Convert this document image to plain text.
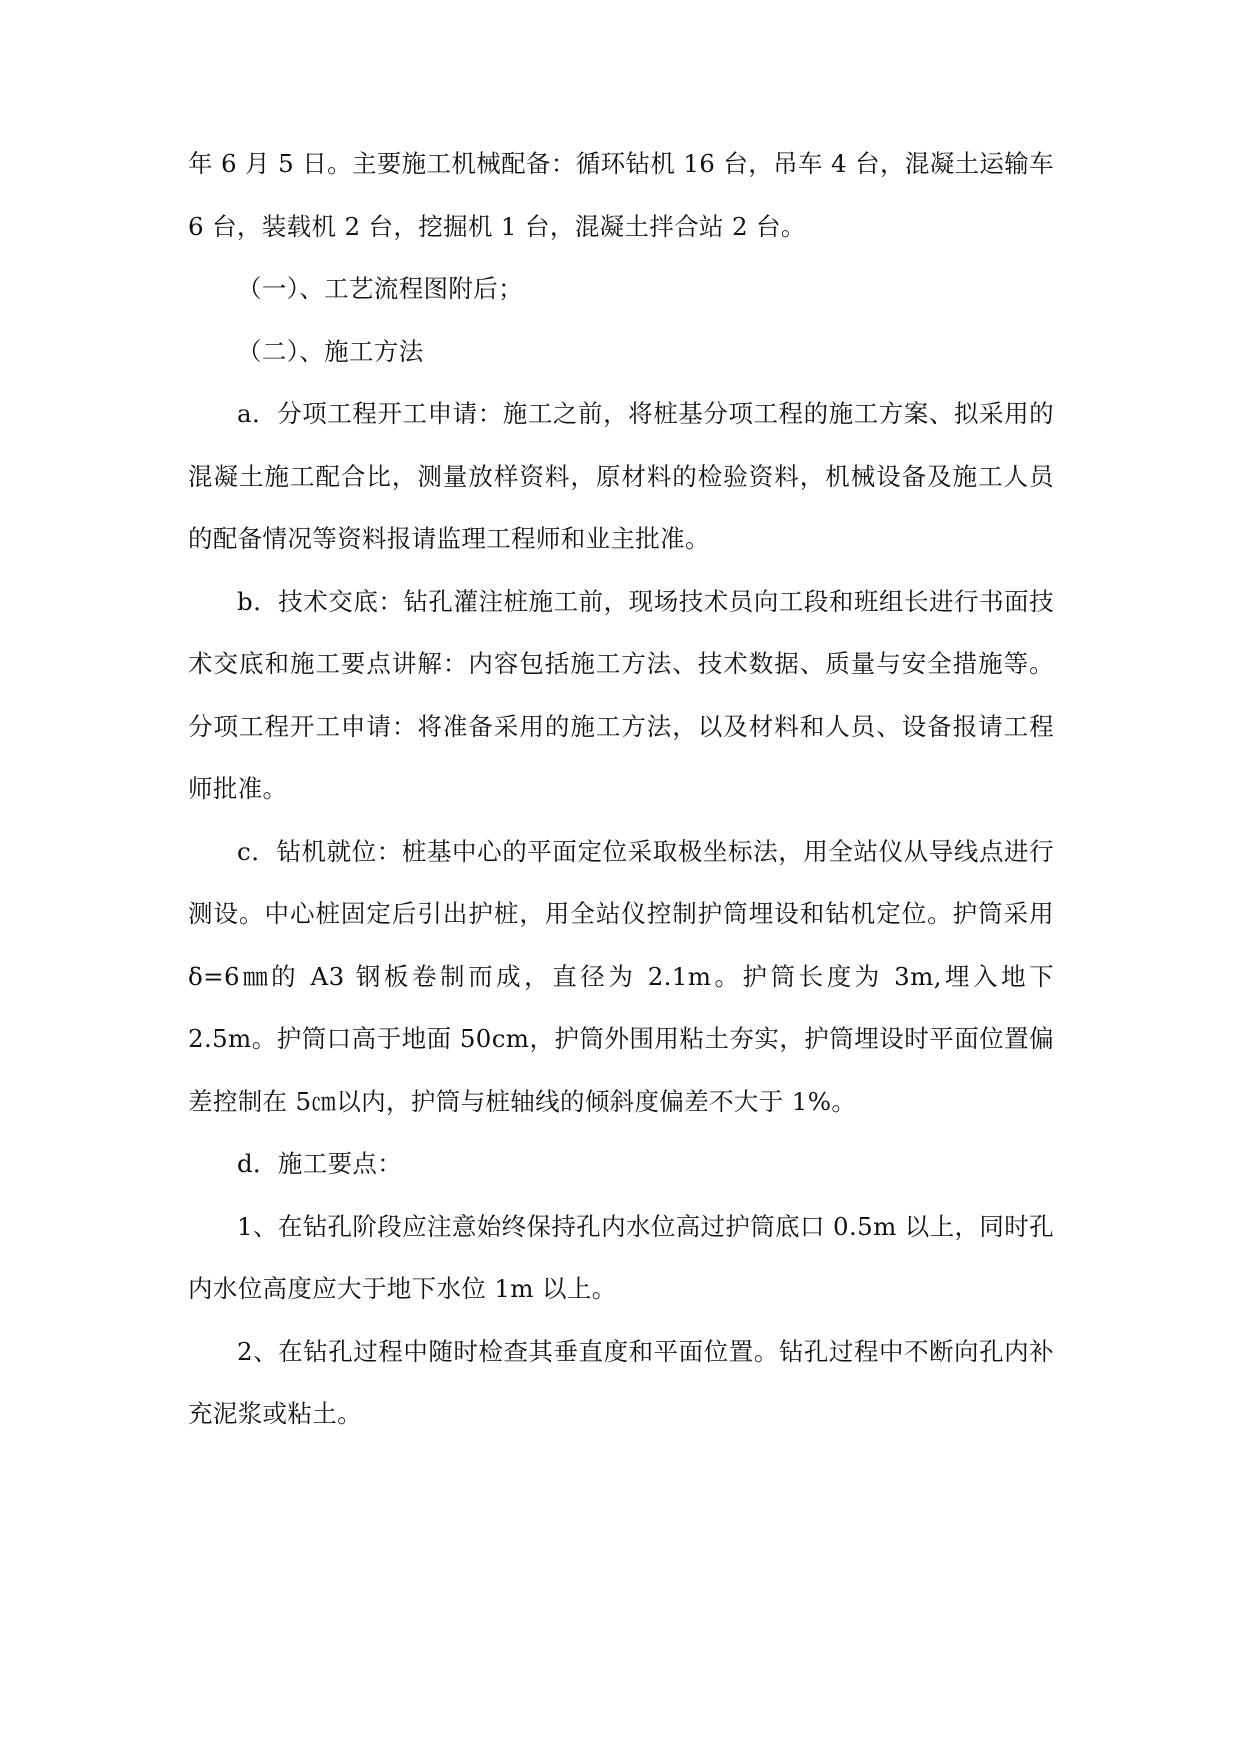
年 6 月 5 日。主要施工机械配备：循环钻机 16 台，吊车 4 台，混凝土运输车 6 台，装载机 2 台，挖掘机 1 台，混凝土拌合站 2 台。

（一）、工艺流程图附后；

（二）、施工方法

a．分项工程开工申请：施工之前，将桩基分项工程的施工方案、拟采用的混凝土施工配合比，测量放样资料，原材料的检验资料，机械设备及施工人员的配备情况等资料报请监理工程师和业主批准。

b．技术交底：钻孔灌注桩施工前，现场技术员向工段和班组长进行书面技术交底和施工要点讲解：内容包括施工方法、技术数据、质量与安全措施等。分项工程开工申请：将准备采用的施工方法，以及材料和人员、设备报请工程师批准。

c．钻机就位：桩基中心的平面定位采取极坐标法，用全站仪从导线点进行测设。中心桩固定后引出护桩，用全站仪控制护筒埋设和钻机定位。护筒采用δ=6㎜的 A3 钢板卷制而成，直径为 2.1m。护筒长度为 3m,埋入地下 2.5m。护筒口高于地面 50cm，护筒外围用粘土夯实，护筒埋设时平面位置偏差控制在 5㎝以内，护筒与桩轴线的倾斜度偏差不大于 1%。

d．施工要点：

1、在钻孔阶段应注意始终保持孔内水位高过护筒底口 0.5m 以上，同时孔内水位高度应大于地下水位 1m 以上。

2、在钻孔过程中随时检查其垂直度和平面位置。钻孔过程中不断向孔内补充泥浆或粘土。
